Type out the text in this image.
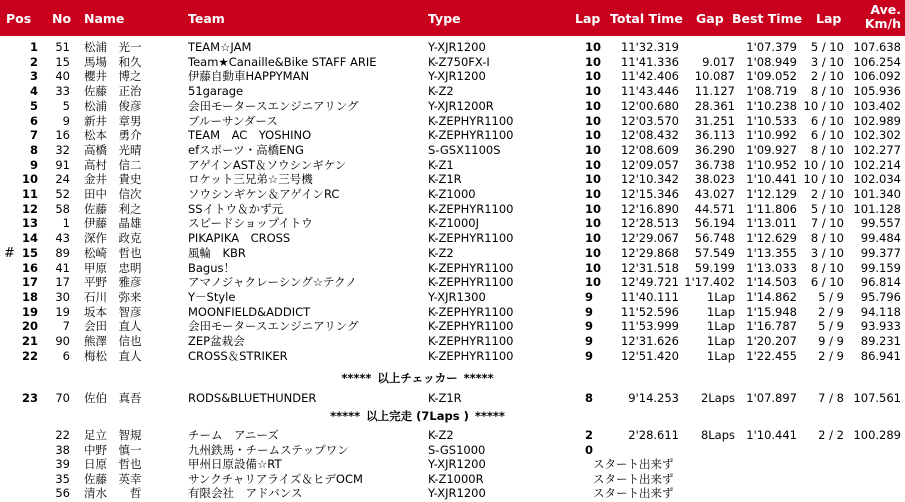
Pos No Name	Team	Type	Lap Total Time Gap Best Time Lap
Ave.
Km/h
1	51 松浦　光一	TEAM☆JAM	Y-XJR1200	10	11'32.319	1'07.379	5 / 10 107.638
2	15 馬場　和久	Team★Canaille&Bike STAFF ARIE	K-Z750FX-Ⅰ	10	11'41.336	9.017 1'08.949	3 / 10 106.254
3	40 櫻井　博之	伊藤自動車HAPPYMAN	Y-XJR1200	10	11'42.406	10.087 1'09.052	2 / 10 106.092
4	33 佐藤　正治	51garage	K-Z2	10	11'43.446	11.127 1'08.719	8 / 10 105.936
5	5 松浦　俊彦	会田モータースエンジニアリング	Y-XJR1200R	10	12'00.680	28.361 1'10.238 10 / 10 103.402
6	9 新井　章男	ブルーサンダース	K-ZEPHYR1100	10	12'03.570	31.251 1'10.533	6 / 10 102.989
7	16 松本　勇介	TEAM　AC　YOSHINO	K-ZEPHYR1100	10	12'08.432	36.113 1'10.992	6 / 10 102.302
8	32 高橋　光晴	efスポーツ・高橋ENG	S-GSX1100S	10	12'08.609	36.290 1'09.927	8 / 10 102.277
9	91 高村　信二	アゲインAST＆ソウシンギケン	K-Z1	10	12'09.057	36.738 1'10.952 10 / 10 102.214
10	24 金井　貴史	ロケット三兄弟☆三号機	K-Z1R	10	12'10.342	38.023 1'10.441 10 / 10 102.034
11	52 田中　信次	ソウシンギケン＆アゲインRC	K-Z1000	10	12'15.346	43.027 1'12.129	2 / 10 101.340
12	58 佐藤　利之	SSイトウ＆かず元	K-ZEPHYR1100	10	12'16.890	44.571 1'11.806	5 / 10 101.128
13	1 伊藤　晶雄	スピードショップイトウ	K-Z1000J	10	12'28.513	56.194 1'13.011	7 / 10	99.557
14	43 深作　政克	PIKAPIKA　CROSS	K-ZEPHYR1100	10	12'29.067	56.748 1'12.629	8 / 10	99.484
# 15	89 松崎　哲也	風輪　KBR	K-Z2	10	12'29.868	57.549 1'13.355	3 / 10	99.377
16	41 甲原　忠明	Bagus！	K-ZEPHYR1100	10	12'31.518	59.199 1'13.033	8 / 10	99.159
17	17 平野　雅彦	アマノジャクレーシング☆テクノ	K-ZEPHYR1100	10	12'49.721 1'17.402 1'14.503	6 / 10	96.814
18	30 石川　弥来	Y－Style	Y-XJR1300	9	11'40.111	1Lap 1'14.862	5 / 9	95.796
19	19 坂本　智彦	MOONFIELD&ADDICT	K-ZEPHYR1100	9	11'52.596	1Lap 1'15.948	2 / 9	94.118
20	7 会田　直人	会田モータースエンジニアリング	K-ZEPHYR1100	9	11'53.999	1Lap 1'16.787	5 / 9	93.933
21	90 熊澤　信也	ZEP盆栽会	K-ZEPHYR1100	9	12'31.626	1Lap 1'20.207	9 / 9	89.231
22	6 梅松　直人	CROSS＆STRIKER	K-ZEPHYR1100	9	12'51.420	1Lap 1'22.455	2 / 9	86.941
***** 以上チェッカー *****
23	70 佐伯　真吾	RODS&BLUETHUNDER	K-Z1R	8	9'14.253	2Laps 1'07.897	7 / 8 107.561
***** 以上完走 (7Laps ) *****
22 足立　智規	チーム　アニーズ	K-Z2	2	2'28.611	8Laps 1'10.441	2 / 2 100.289
38 中野　慎一	九州鉄馬・チームステップワン	S-GS1000	0
39 日原　哲也	甲州日原設備☆RT	Y-XJR1200	スタート出来ず
35 佐藤　英幸	サンクチャリアライズ＆ヒデOCM	K-Z1000R	スタート出来ず
56 清水　　哲	有限会社　アドバンス	Y-XJR1200	スタート出来ず
